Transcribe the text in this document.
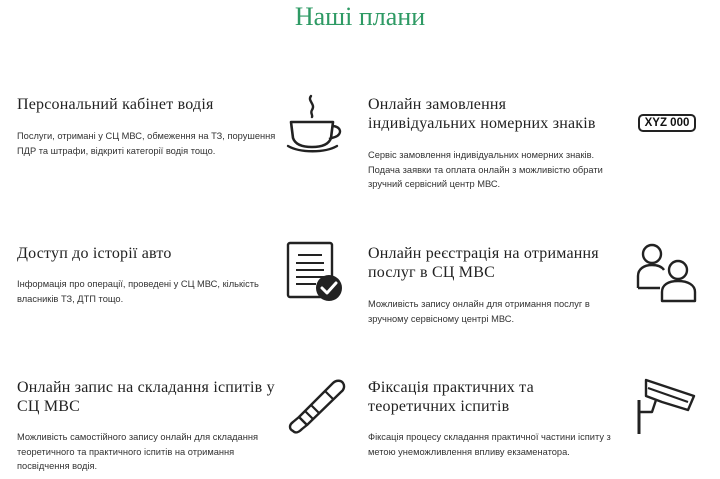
Наші плани
Персональний кабінет водія

Послуги, отримані у СЦ МВС, обмеження на ТЗ, порушення ПДР та штрафи, відкриті категорії водія тощо.

Онлайн замовлення індивідуальних номерних знаків

Сервіс замовлення індивідуальних номерних знаків. Подача заявки та оплата онлайн з можливістю обрати зручний сервісний центр МВС.

XYZ 000
Доступ до історії авто

Інформація про операції, проведені у СЦ МВС, кількість власників ТЗ, ДТП тощо.

Онлайн реєстрація на отримання послуг в СЦ МВС

Можливість запису онлайн для отримання послуг в зручному сервісному центрі МВС.

Онлайн запис на складання іспитів у СЦ МВС

Можливість самостійного запису онлайн для складання теоретичного та практичного іспитів на отримання посвідчення водія.

Фіксація практичних та теоретичних іспитів

Фіксація процесу складання практичної частини іспиту з метою унеможливлення впливу екзаменатора.
